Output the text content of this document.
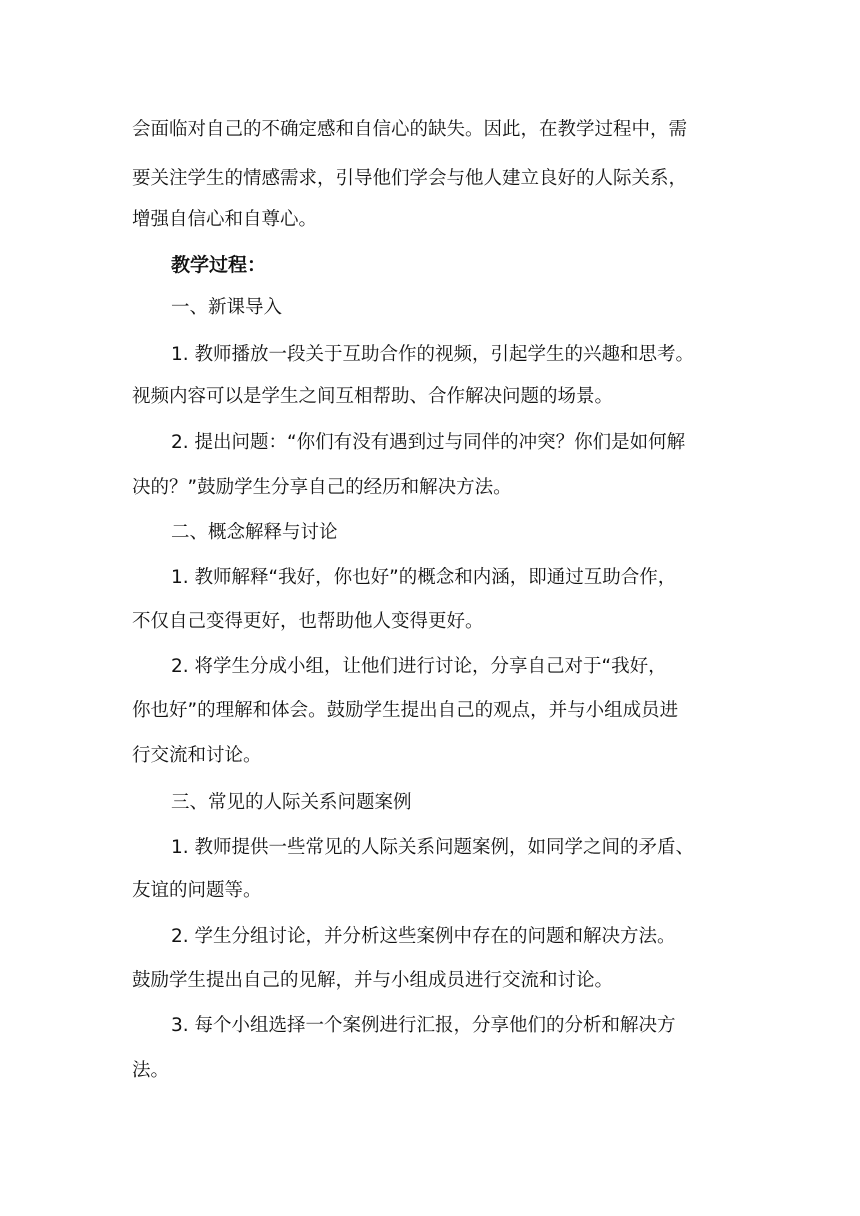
会面临对自己的不确定感和自信心的缺失。因此，在教学过程中，需
要关注学生的情感需求，引导他们学会与他人建立良好的人际关系，
增强自信心和自尊心。
教学过程：
一、新课导入
1. 教师播放一段关于互助合作的视频，引起学生的兴趣和思考。
视频内容可以是学生之间互相帮助、合作解决问题的场景。
2. 提出问题：“你们有没有遇到过与同伴的冲突？你们是如何解
决的？”鼓励学生分享自己的经历和解决方法。
二、概念解释与讨论
1. 教师解释“我好，你也好”的概念和内涵，即通过互助合作，
不仅自己变得更好，也帮助他人变得更好。
2. 将学生分成小组，让他们进行讨论，分享自己对于“我好，
你也好”的理解和体会。鼓励学生提出自己的观点，并与小组成员进
行交流和讨论。
三、常见的人际关系问题案例
1. 教师提供一些常见的人际关系问题案例，如同学之间的矛盾、
友谊的问题等。
2. 学生分组讨论，并分析这些案例中存在的问题和解决方法。
鼓励学生提出自己的见解，并与小组成员进行交流和讨论。
3. 每个小组选择一个案例进行汇报，分享他们的分析和解决方
法。
